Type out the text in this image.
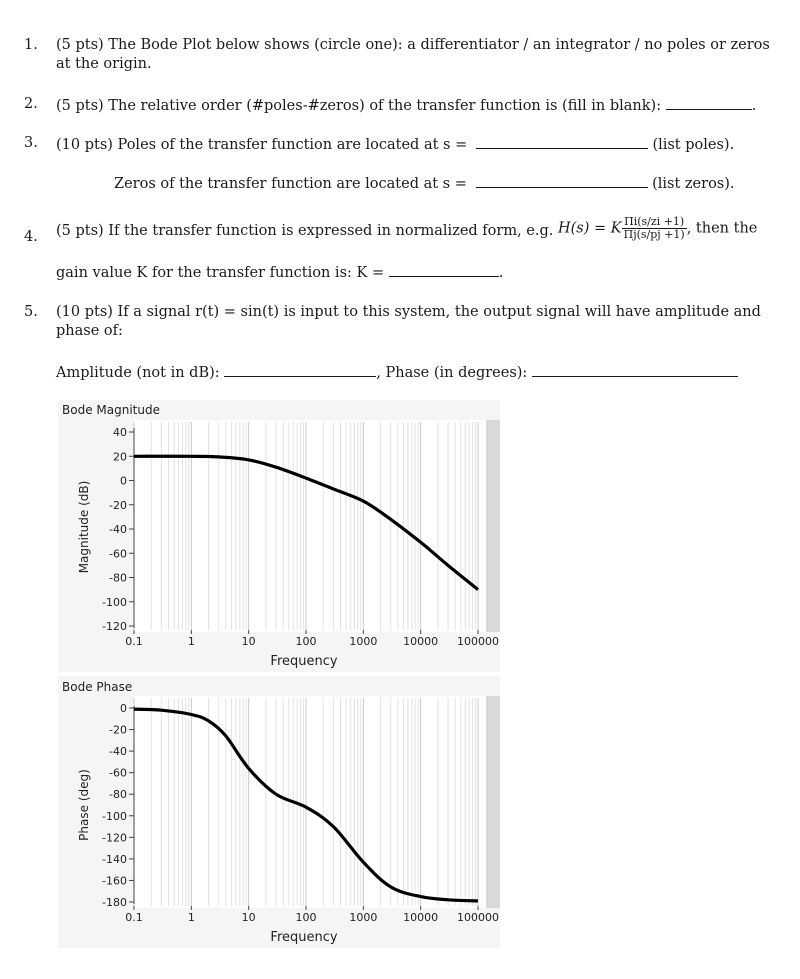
1. (5 pts) The Bode Plot below shows (circle one): a differentiator / an integrator / no poles or zeros at the origin.
2. (5 pts) The relative order (#poles-#zeros) of the transfer function is (fill in blank):	.
3. (10 pts) Poles of the transfer function are located at s =	(list poles).
Zeros of the transfer function are located at s =	(list zeros).
4. (5 pts) If the transfer function is expressed in normalized form, e.g. H(s) = K $\frac{\Pi i(s/zi +1)}{\Pi j(s/pj +1)}$ , then the
gain value K for the transfer function is: K =	.
5. (10 pts) If a signal r(t) = sin(t) is input to this system, the output signal will have amplitude and phase of:
Amplitude (not in dB):	, Phase (in degrees):
Bode Magnitude
Magnitude (dB)
Frequency
40
20
0
-20
-40
-60
-80
-100
-120
0.1	1	10	100	1000 10000 100000
Bode Phase
Phase (deg)
Frequency
0
-20
-40
-60
-80
-100
-120
-140
-160
-180
0.1	1	10	100	1000 10000 100000
